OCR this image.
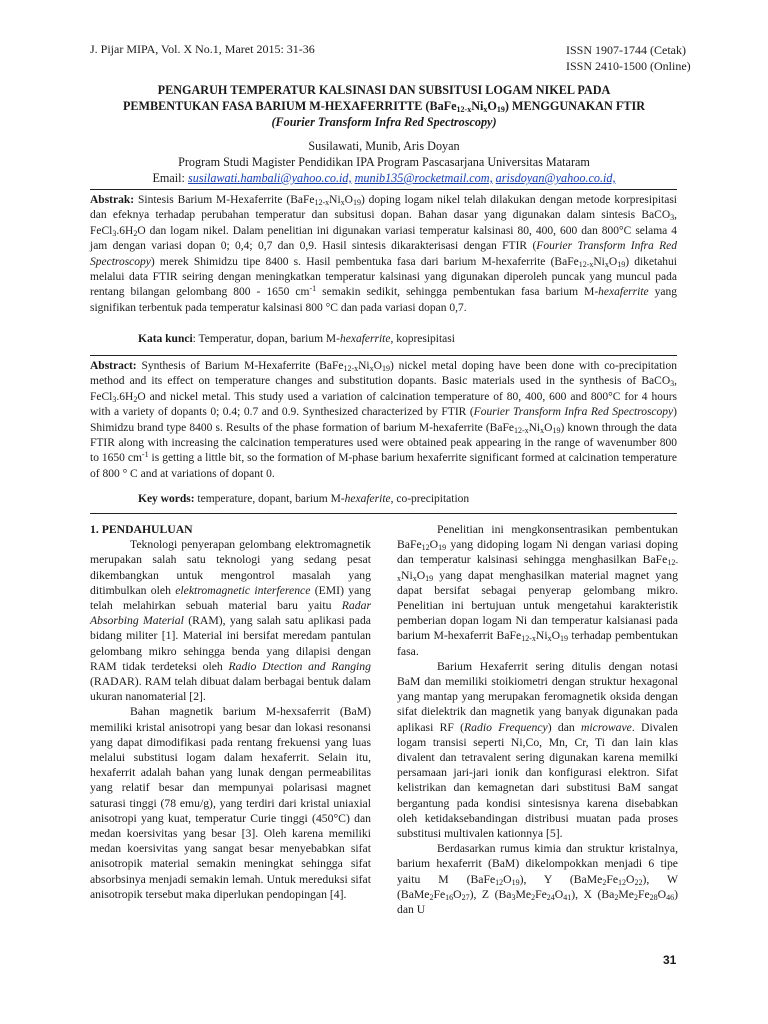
J. Pijar MIPA, Vol. X No.1, Maret 2015: 31-36	ISSN 1907-1744 (Cetak)
ISSN 2410-1500 (Online)
PENGARUH TEMPERATUR KALSINASI DAN SUBSITUSI LOGAM NIKEL PADA
PEMBENTUKAN FASA BARIUM M-HEXAFERRITTE $(BaFe_{12-x}Ni_xO_{19})$ MENGGUNAKAN FTIR
(Fourier Transform Infra Red Spectroscopy)
Susilawati, Munib, Aris Doyan
Program Studi Magister Pendidikan IPA Program Pascasarjana Universitas Mataram
Email: susilawati.hambali@yahoo.co.id, munib135@rocketmail.com, arisdoyan@yahoo.co.id,
Abstrak: Sintesis Barium M-Hexaferrite $(BaFe_{12-x}Ni_xO_{19})$ doping logam nikel telah dilakukan dengan metode korpresipitasi dan efeknya terhadap perubahan temperatur dan subsitusi dopan. Bahan dasar yang digunakan dalam sintesis BaCO$_3$, $FeCl_3.6H_2O$ dan logam nikel. Dalam penelitian ini digunakan variasi temperatur kalsinasi 80, 400, 600 dan 800°C selama 4 jam dengan variasi dopan 0; 0,4; 0,7 dan 0,9. Hasil sintesis dikarakterisasi dengan FTIR (Fourier Transform Infra Red Spectroscopy) merek Shimidzu tipe 8400 s. Hasil pembentuka fasa dari barium M-hexaferrite $(BaFe_{12-x}Ni_xO_{19})$ diketahui melalui data FTIR seiring dengan meningkatkan temperatur kalsinasi yang digunakan diperoleh puncak yang muncul pada rentang bilangan gelombang 800 - 1650 $cm^{-1}$ semakin sedikit, sehingga pembentukan fasa barium M-hexaferrite yang signifikan terbentuk pada temperatur kalsinasi 800 °C dan pada variasi dopan 0,7.
Kata kunci: Temperatur, dopan, barium M-hexaferrite, kopresipitasi
Abstract: Synthesis of Barium M-Hexaferrite $(BaFe_{12-x}Ni_xO_{19})$ nickel metal doping have been done with co-precipitation method and its effect on temperature changes and substitution dopants. Basic materials used in the synthesis of BaCO$_3$, $FeCl_3.6H_2O$ and nickel metal. This study used a variation of calcination temperature of 80, 400, 600 and 800°C for 4 hours with a variety of dopants 0; 0.4; 0.7 and 0.9. Synthesized characterized by FTIR (Fourier Transform Infra Red Spectroscopy) Shimidzu brand type 8400 s. Results of the phase formation of barium M-hexaferrite $(BaFe_{12-x}Ni_xO_{19})$ known through the data FTIR along with increasing the calcination temperatures used were obtained peak appearing in the range of wavenumber 800 to 1650 $cm^{-1}$ is getting a little bit, so the formation of M-phase barium hexaferrite significant formed at calcination temperature of 800 ° C and at variations of dopant 0.
Key words: temperature, dopant, barium M-hexaferite, co-precipitation

1. PENDAHULUAN

Teknologi penyerapan gelombang elektromagnetik merupakan salah satu teknologi yang sedang pesat dikembangkan untuk mengontrol masalah yang ditimbulkan oleh elektromagnetic interference (EMI) yang telah melahirkan sebuah material baru yaitu Radar Absorbing Material (RAM), yang salah satu aplikasi pada bidang militer [1]. Material ini bersifat meredam pantulan gelombang mikro sehingga benda yang dilapisi dengan RAM tidak terdeteksi oleh Radio Dtection and Ranging (RADAR). RAM telah dibuat dalam berbagai bentuk dalam ukuran nanomaterial [2].

Bahan magnetik barium M-hexsaferrit (BaM) memiliki kristal anisotropi yang besar dan lokasi resonansi yang dapat dimodifikasi pada rentang frekuensi yang luas melalui substitusi logam dalam hexaferrit. Selain itu, hexaferrit adalah bahan yang lunak dengan permeabilitas yang relatif besar dan mempunyai polarisasi magnet saturasi tinggi (78 emu/g), yang terdiri dari kristal uniaxial anisotropi yang kuat, temperatur Curie tinggi (450°C) dan medan koersivitas yang besar [3]. Oleh karena memiliki medan koersivitas yang sangat besar menyebabkan sifat anisotropik material semakin meningkat sehingga sifat absorbsinya menjadi semakin lemah. Untuk mereduksi sifat anisotropik tersebut maka diperlukan pendopingan [4].

Penelitian ini mengkonsentrasikan pembentukan $BaFe_{12}O_{19}$ yang didoping logam Ni dengan variasi doping dan temperatur kalsinasi sehingga menghasilkan $BaFe_{12-x}Ni_xO_{19}$ yang dapat menghasilkan material magnet yang dapat bersifat sebagai penyerap gelombang mikro. Penelitian ini bertujuan untuk mengetahui karakteristik pemberian dopan logam Ni dan temperatur kalsianasi pada barium M-hexaferrit $BaFe_{12-x}Ni_xO_{19}$ terhadap pembentukan fasa.

Barium Hexaferrit sering ditulis dengan notasi BaM dan memiliki stoikiometri dengan struktur hexagonal yang mantap yang merupakan feromagnetik oksida dengan sifat dielektrik dan magnetik yang banyak digunakan pada aplikasi RF (Radio Frequency) dan microwave. Divalen logam transisi seperti Ni,Co, Mn, Cr, Ti dan lain klas divalent dan tetravalent sering digunakan karena memilki persamaan jari-jari ionik dan konfigurasi elektron. Sifat kelistrikan dan kemagnetan dari substitusi BaM sangat bergantung pada kondisi sintesisnya karena disebabkan oleh ketidaksebandingan distribusi muatan pada proses substitusi multivalen kationnya [5].

Berdasarkan rumus kimia dan struktur kristalnya, barium hexaferrit (BaM) dikelompokkan menjadi 6 tipe yaitu M $(BaFe_{12}O_{19})$, Y $(BaMe_2Fe_{12}O_{22})$, W $(BaMe_2Fe_{16}O_{27})$, Z $(Ba_3Me_2Fe_{24}O_{41})$, X $(Ba_2Me_2Fe_{28}O_{46})$ dan U

31
